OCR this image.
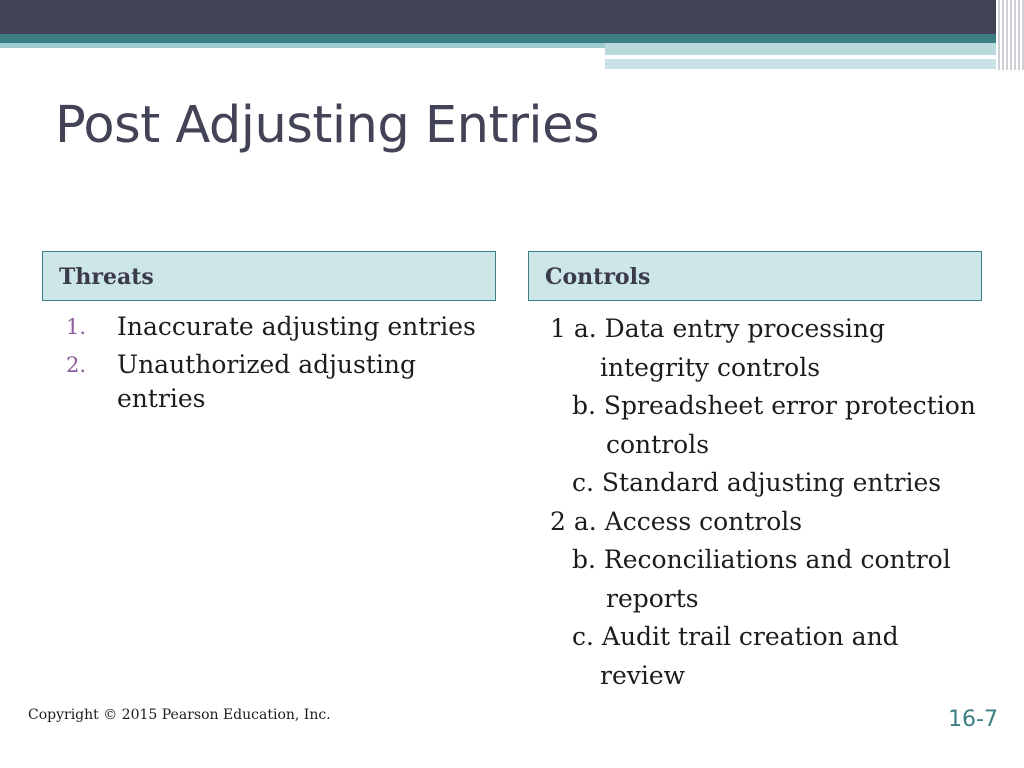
Post Adjusting Entries
Threats	Controls
1. Inaccurate adjusting entries
2. Unauthorized adjusting entries
1 a. Data entry processing
integrity controls
b. Spreadsheet error protection
controls
c. Standard adjusting entries
2 a. Access controls
b. Reconciliations and control
reports
c. Audit trail creation and
review
Copyright © 2015 Pearson Education, Inc.	16-7
